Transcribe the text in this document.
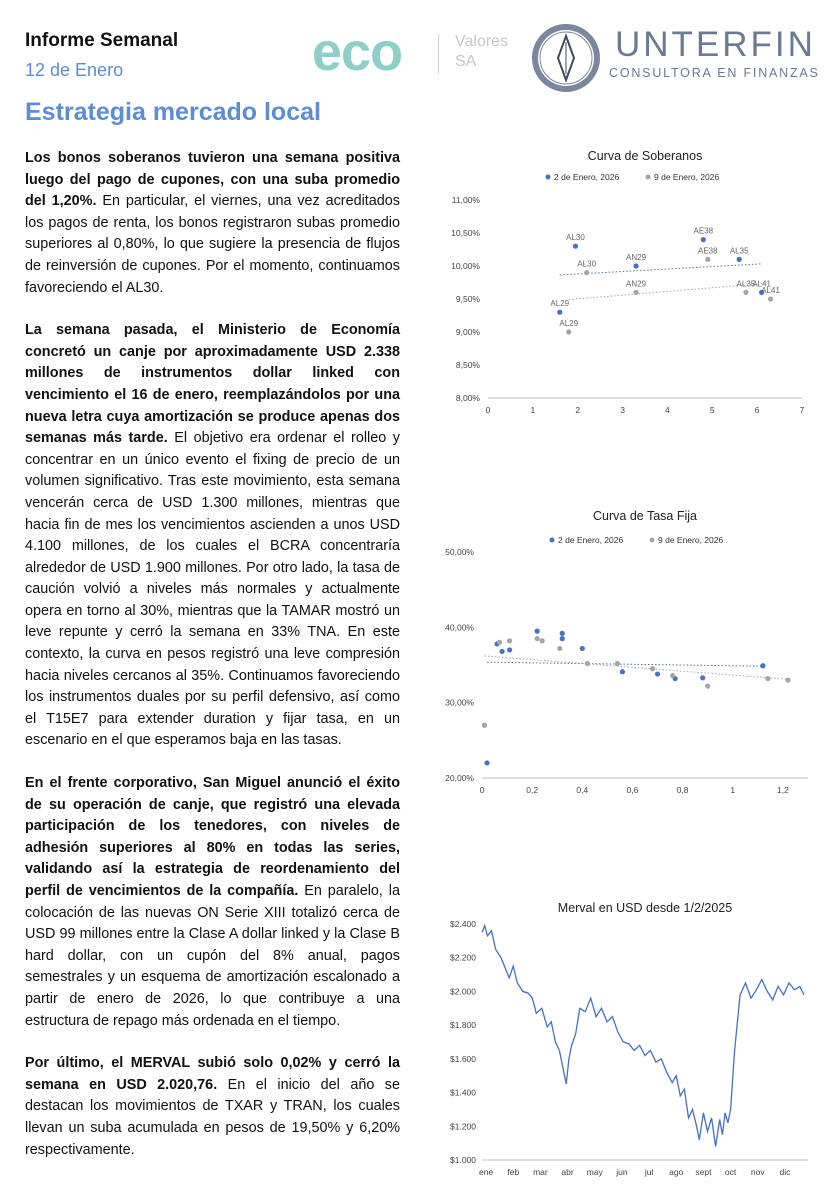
Informe Semanal
12 de Enero	eco	Valores
SA	UNTERFIN
CONSULTORA EN FINANZAS
Estrategia mercado local

Los bonos soberanos tuvieron una semana positiva luego del pago de cupones, con una suba promedio del 1,20%. En particular, el viernes, una vez acreditados los pagos de renta, los bonos registraron subas promedio superiores al 0,80%, lo que sugiere la presencia de flujos de reinversión de cupones. Por el momento, continuamos favoreciendo el AL30.

La semana pasada, el Ministerio de Economía concretó un canje por aproximadamente USD 2.338 millones de instrumentos dollar linked con vencimiento el 16 de enero, reemplazándolos por una nueva letra cuya amortización se produce apenas dos semanas más tarde. El objetivo era ordenar el rolleo y concentrar en un único evento el fixing de precio de un volumen significativo. Tras este movimiento, esta semana vencerán cerca de USD 1.300 millones, mientras que hacia fin de mes los vencimientos ascienden a unos USD 4.100 millones, de los cuales el BCRA concentraría alrededor de USD 1.900 millones. Por otro lado, la tasa de caución volvió a niveles más normales y actualmente opera en torno al 30%, mientras que la TAMAR mostró un leve repunte y cerró la semana en 33% TNA. En este contexto, la curva en pesos registró una leve compresión hacia niveles cercanos al 35%. Continuamos favoreciendo los instrumentos duales por su perfil defensivo, así como el T15E7 para extender duration y fijar tasa, en un escenario en el que esperamos baja en las tasas.

En el frente corporativo, San Miguel anunció el éxito de su operación de canje, que registró una elevada participación de los tenedores, con niveles de adhesión superiores al 80% en todas las series, validando así la estrategia de reordenamiento del perfil de vencimientos de la compañía. En paralelo, la colocación de las nuevas ON Serie XIII totalizó cerca de USD 99 millones entre la Clase A dollar linked y la Clase B hard dollar, con un cupón del 8% anual, pagos semestrales y un esquema de amortización escalonado a partir de enero de 2026, lo que contribuye a una estructura de repago más ordenada en el tiempo.

Por último, el MERVAL subió solo 0,02% y cerró la semana en USD 2.020,76. En el inicio del año se destacan los movimientos de TXAR y TRAN, los cuales llevan un suba acumulada en pesos de 19,50% y 6,20% respectivamente.

Curva de Soberanos
2 de Enero, 2026	9 de Enero, 2026
8,00%
8,50%
9,00%
9,50%
10,00%
10,50%
11,00%
0	1	2	3	4	5	6	7
AL29
AL30
AN29
AE38
AL35
AL41
AL29
AL30
AN29
AE38
AL35
AL41
Curva de Tasa Fija
2 de Enero, 2026	9 de Enero, 2026
20,00%
30,00%
40,00%
50,00%
0	0,2	0,4	0,6	0,8	1	1,2
Merval en USD desde 1/2/2025
$1.000
$1.200
$1.400
$1.600
$1.800
$2.000
$2.200
$2.400
ene feb mar abr may jun jul ago sept oct nov dic
